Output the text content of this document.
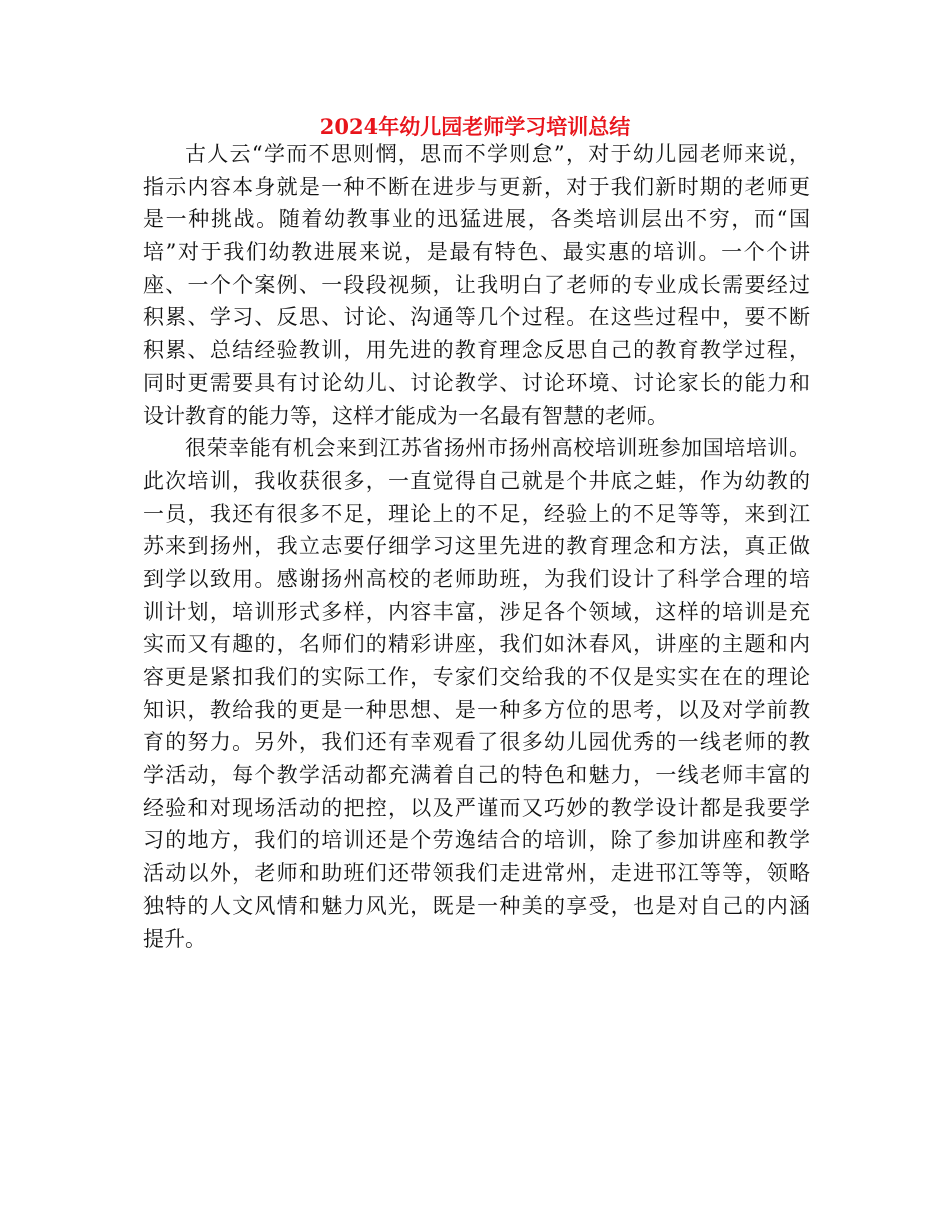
2024年幼儿园老师学习培训总结
古人云“学而不思则惘，思而不学则怠”，对于幼儿园老师来说，
指示内容本身就是一种不断在进步与更新，对于我们新时期的老师更
是一种挑战。随着幼教事业的迅猛进展，各类培训层出不穷，而“国
培”对于我们幼教进展来说，是最有特色、最实惠的培训。一个个讲
座、一个个案例、一段段视频，让我明白了老师的专业成长需要经过
积累、学习、反思、讨论、沟通等几个过程。在这些过程中，要不断
积累、总结经验教训，用先进的教育理念反思自己的教育教学过程，
同时更需要具有讨论幼儿、讨论教学、讨论环境、讨论家长的能力和
设计教育的能力等，这样才能成为一名最有智慧的老师。
很荣幸能有机会来到江苏省扬州市扬州高校培训班参加国培培训。
此次培训，我收获很多，一直觉得自己就是个井底之蛙，作为幼教的
一员，我还有很多不足，理论上的不足，经验上的不足等等，来到江
苏来到扬州，我立志要仔细学习这里先进的教育理念和方法，真正做
到学以致用。感谢扬州高校的老师助班，为我们设计了科学合理的培
训计划，培训形式多样，内容丰富，涉足各个领域，这样的培训是充
实而又有趣的，名师们的精彩讲座，我们如沐春风，讲座的主题和内
容更是紧扣我们的实际工作，专家们交给我的不仅是实实在在的理论
知识，教给我的更是一种思想、是一种多方位的思考，以及对学前教
育的努力。另外，我们还有幸观看了很多幼儿园优秀的一线老师的教
学活动，每个教学活动都充满着自己的特色和魅力，一线老师丰富的
经验和对现场活动的把控，以及严谨而又巧妙的教学设计都是我要学
习的地方，我们的培训还是个劳逸结合的培训，除了参加讲座和教学
活动以外，老师和助班们还带领我们走进常州，走进邗江等等，领略
独特的人文风情和魅力风光，既是一种美的享受，也是对自己的内涵
提升。
